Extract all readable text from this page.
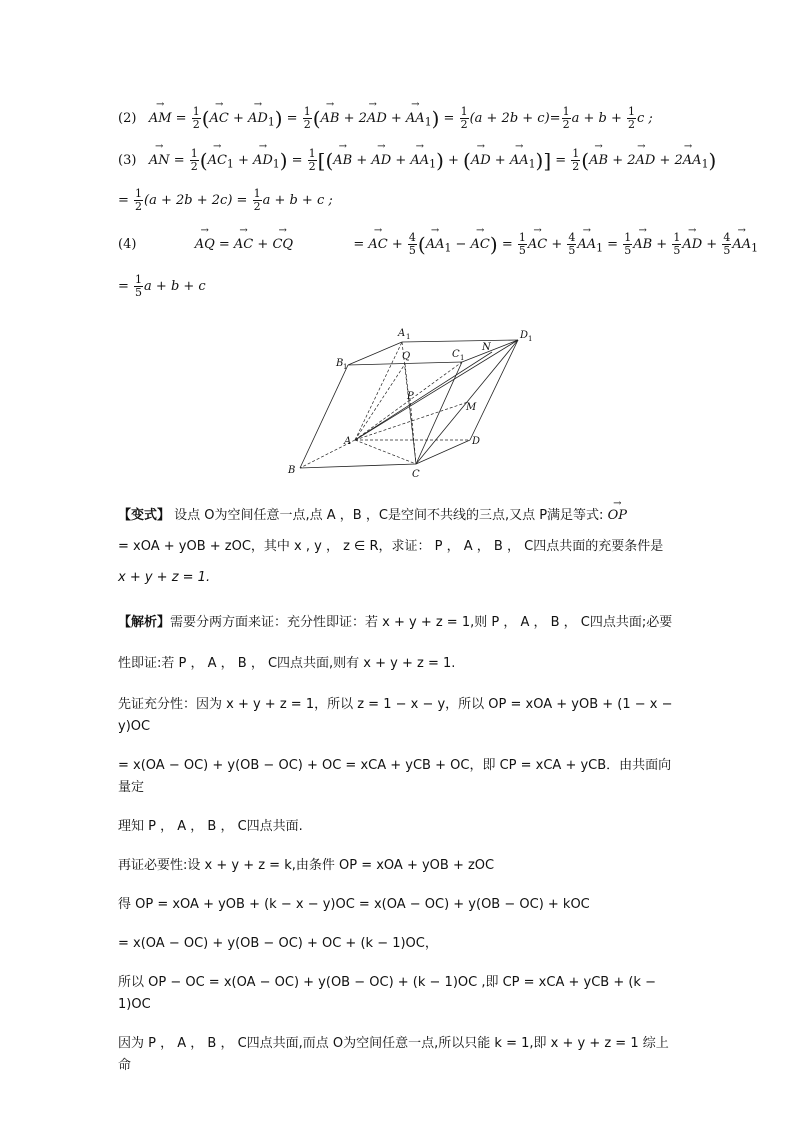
(2)   → AM = $\frac{1}{2}$ (→ AC + → $AD_1) = \frac{1}{2}$ (→ AB + → 2AD + → $AA_1) = \frac{1}{2} (a + 2b + c)= \frac{1}{2}$ $a + b + \frac{1}{2}$ c ;
(3)   → AN = $\frac{1}{2}$ (→ $AC_1$ + → $AD_1) = \frac{1}{2}$ [(→ AB + → AD + → $AA_1$) + (→ AD + → $AA_1)] = \frac{1}{2}$ (→ AB + → 2AD + → $2AA_1$)
= $\frac{1}{2} (a + 2b + 2c) = \frac{1}{2}$ a + b + c ;
(4)  →	AQ = → AC + → CQ	= → AC + $\frac{4}{5}$ (→ $AA_1$ − → $AC) = \frac{1}{5}$
→ AC + $\frac{4}{5}$
→ $AA_1 = \frac{1}{5}$
→ AB + $\frac{1}{5}$
→ AD + $\frac{4}{5}$
→ $AA_1$
= $\frac{1}{5}$ a + b + c
A 1	D 1
B 1
C 1
Q
N
P
M
A	D
B	C
【变式】 设点 O为空间任意一点,点 A ，B ，C是空间不共线的三点,又点 P满足等式: → OP
= xOA + yOB + zOC，其中 x , y ， z ∈ R，求证： P ， A ， B ， C四点共面的充要条件是
x + y + z = 1.
【解析】需要分两方面来证：充分性即证：若 x + y + z = 1,则 P ， A ， B ， C四点共面;必要
性即证:若 P ， A ， B ， C四点共面,则有 x + y + z = 1.
先证充分性：因为 x + y + z = 1，所以 z = 1 − x − y，所以 OP = xOA + yOB + (1 − x − y)OC
= x(OA − OC) + y(OB − OC) + OC = xCA + yCB + OC，即 CP = xCA + yCB．由共面向量定
理知 P ， A ， B ， C四点共面.
再证必要性:设 x + y + z = k,由条件 OP = xOA + yOB + zOC
得 OP = xOA + yOB + (k − x − y)OC = x(OA − OC) + y(OB − OC) + kOC
= x(OA − OC) + y(OB − OC) + OC + (k − 1)OC，
所以 OP − OC = x(OA − OC) + y(OB − OC) + (k − 1)OC ,即 CP = xCA + yCB + (k − 1)OC
因为 P ， A ， B ， C四点共面,而点 O为空间任意一点,所以只能 k = 1,即 x + y + z = 1 综上命
